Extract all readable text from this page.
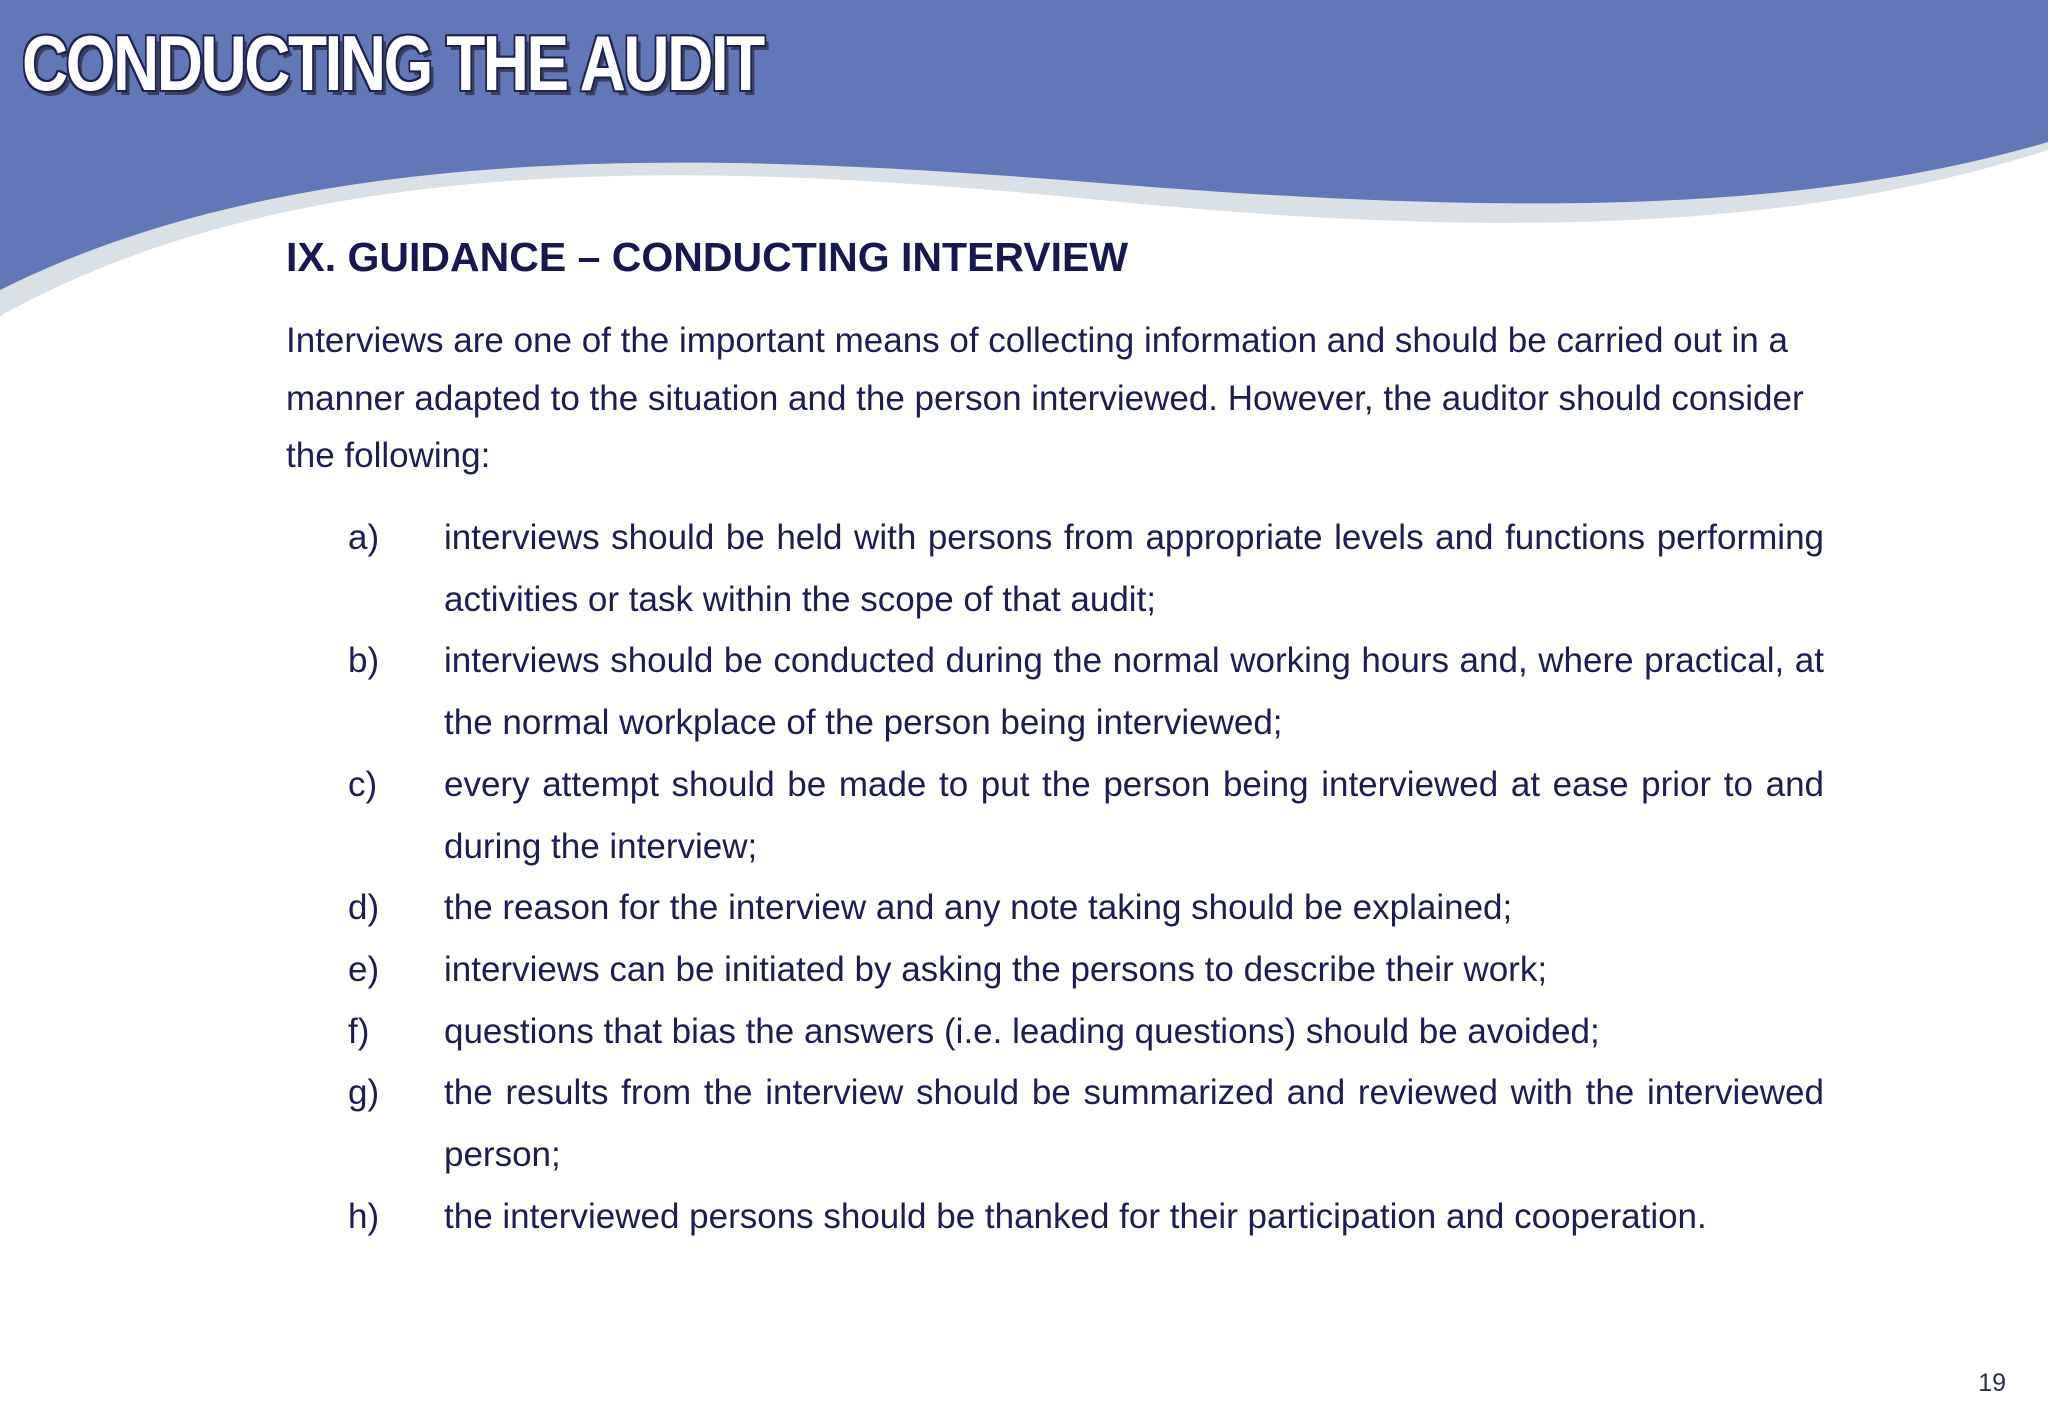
CONDUCTING THE AUDIT
IX. GUIDANCE – CONDUCTING INTERVIEW

Interviews are one of the important means of collecting information and should be carried out in a manner adapted to the situation and the person interviewed. However, the auditor should consider the following:

a) interviews should be held with persons from appropriate levels and functions performing activities or task within the scope of that audit;
b) interviews should be conducted during the normal working hours and, where practical, at the normal workplace of the person being interviewed;
c) every attempt should be made to put the person being interviewed at ease prior to and during the interview;
d) the reason for the interview and any note taking should be explained;
e) interviews can be initiated by asking the persons to describe their work;
f) questions that bias the answers (i.e. leading questions) should be avoided;
g) the results from the interview should be summarized and reviewed with the interviewed person;
h) the interviewed persons should be thanked for their participation and cooperation.
19
